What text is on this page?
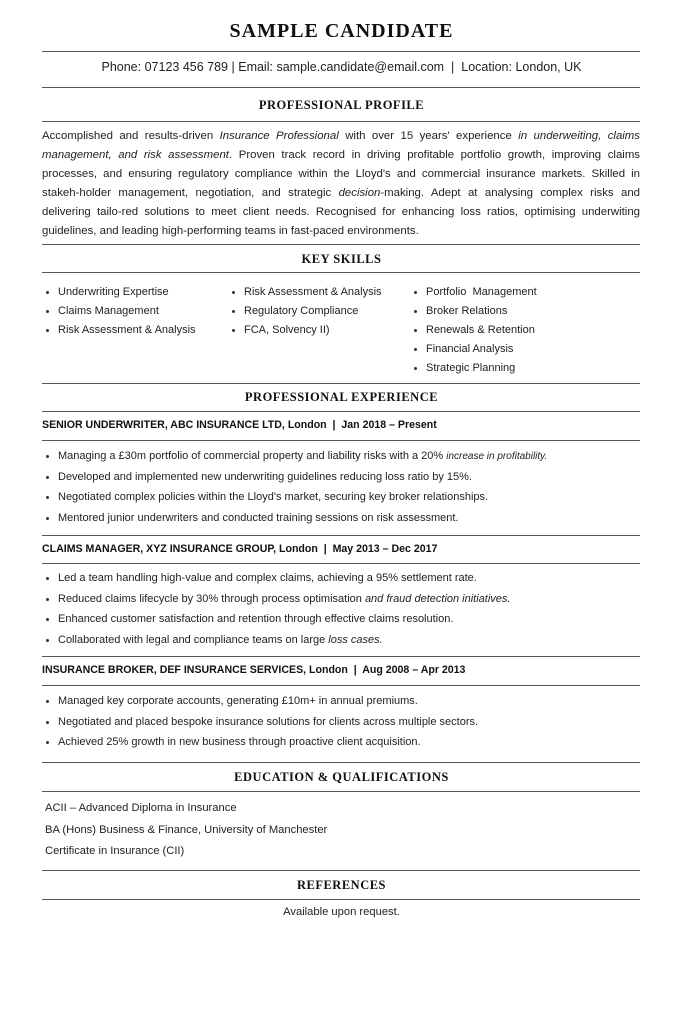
SAMPLE CANDIDATE
Phone: 07123 456 789 | Email: sample.candidate@email.com | Location: London, UK
PROFESSIONAL PROFILE
Accomplished and results-driven Insurance Professional with over 15 years' experience in underweiting, claims management, and risk assessment. Proven track record in driving profitable portfolio growth, improving claims processes, and ensuring regulatory compliance within the Lloyd's and commercial insurance markets. Skilled in stakeh-holder management, negotiation, and strategic decision-making. Adept at analysing complex risks and delivering tailo-red solutions to meet client needs. Recognised for enhancing loss ratios, optimising underwiting guidelines, and leading high-performing teams in fast-paced environments.
KEY SKILLS
Underwriting Expertise
Claims Management
Risk Assessment & Analysis
Risk Assessment & Analysis
Regulatory Compliance
FCA, Solvency II)
Portfolio  Management
Broker Relations
Renewals & Retention
Financial Analysis
Strategic Planning
PROFESSIONAL EXPERIENCE
SENIOR UNDERWRITER, ABC INSURANCE LTD, London  |  Jan 2018 – Present
Managing a £30m portfolio of commercial property and liability risks with a 20% increase in profitability.
Developed and implemented new underwriting guidelines reducing loss ratio by 15%.
Negotiated complex policies within the Lloyd's market, securing key broker relationships.
Mentored junior underwriters and conducted training sessions on risk assessment.
CLAIMS MANAGER, XYZ INSURANCE GROUP, London  |  May 2013 – Dec 2017
Led a team handling high-value and complex claims, achieving a 95% settlement rate.
Reduced claims lifecycle by 30% through process optimisation and fraud detection initiatives.
Enhanced customer satisfaction and retention through effective claims resolution.
Collaborated with legal and compliance teams on large loss cases.
INSURANCE BROKER, DEF INSURANCE SERVICES, London  |  Aug 2008 – Apr 2013
Managed key corporate accounts, generating £10m+ in annual premiums.
Negotiated and placed bespoke insurance solutions for clients across multiple sectors.
Achieved 25% growth in new business through proactive client acquisition.
EDUCATION & QUALIFICATIONS
ACII – Advanced Diploma in Insurance
BA (Hons) Business & Finance, University of Manchester
Certificate in Insurance (CII)
REFERENCES
Available upon request.
